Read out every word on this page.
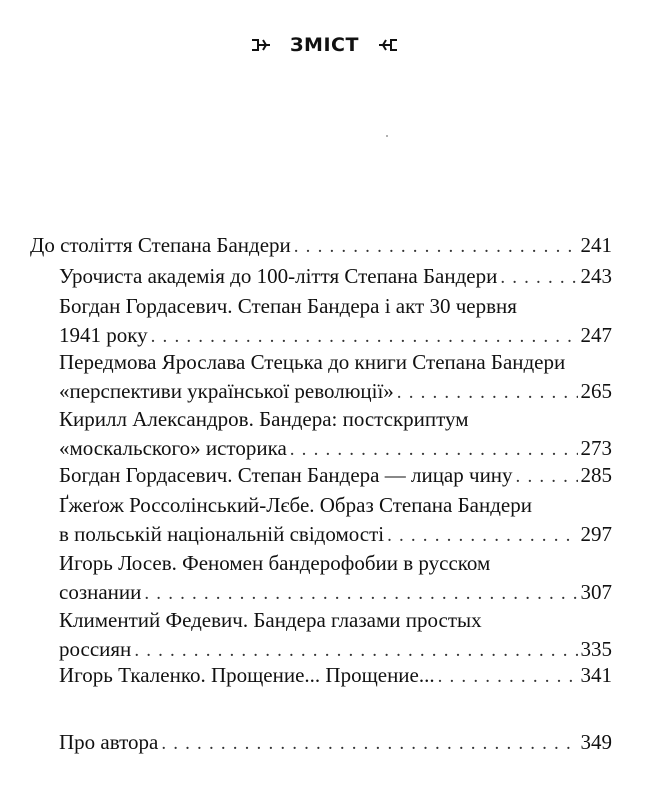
ЗМІСТ
До століття Степана Бандери . . .	241
Урочиста академія до 100-ліття Степана Бандери . . .	243
Богдан Гордасевич. Степан Бандера і акт 30 червня
1941 року . . .	247
Передмова Ярослава Стецька до книги Степана Бандери
«перспективи української революції» . . .	265
Кирилл Александров. Бандера: постскриптум
«москальского» историка . . .	273
Богдан Гордасевич. Степан Бандера — лицар чину . . .	285
Ґжеґож Россолінський-Лєбе. Образ Степана Бандери
в польській національній свідомості . . .	297
Игорь Лосев. Феномен бандерофобии в русском
сознании . . .	307
Климентий Федевич. Бандера глазами простых
россиян . . .	335
Игорь Ткаленко. Прощение... Прощение... . . .	341
Про автора . . .	349
